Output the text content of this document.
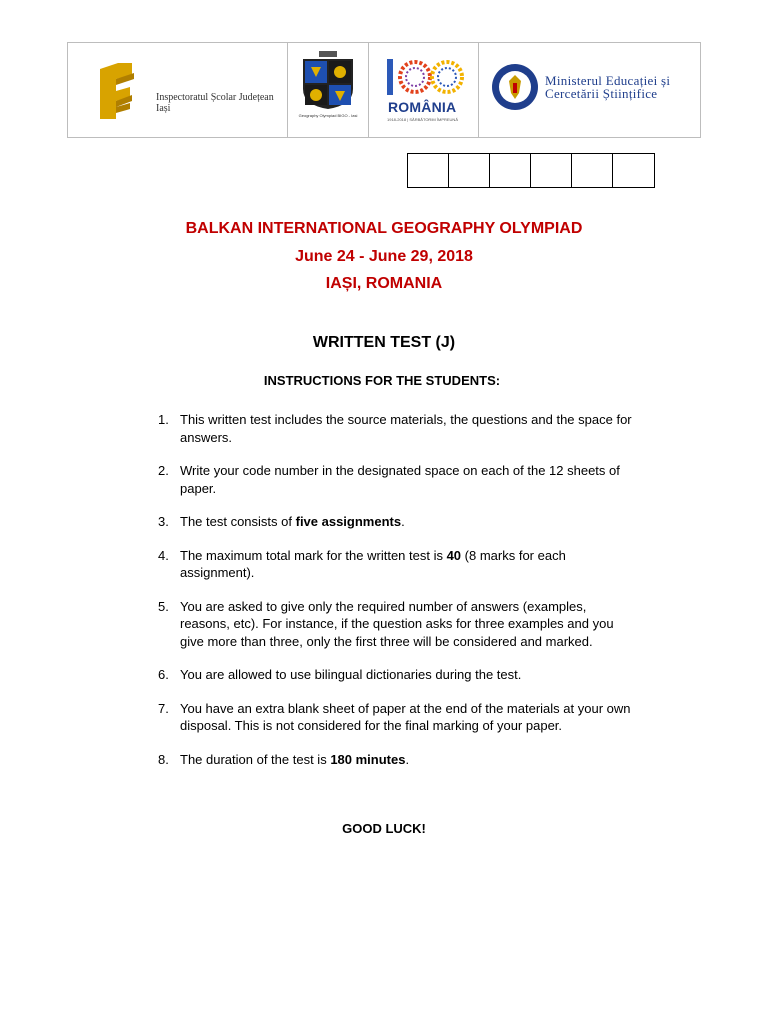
Inspectoratul Școlar Județean
Iași
Geography Olympiad BIGO - Iasi
ROMÂNIA
1918-2018 | SĂRBĂTORIM ÎMPREUNĂ
Ministerul Educației și
Cercetării Științifice
BALKAN INTERNATIONAL GEOGRAPHY OLYMPIAD
June 24 - June 29, 2018
IAȘI, ROMANIA
WRITTEN TEST (J)
INSTRUCTIONS FOR THE STUDENTS:
1. This written test includes the source materials, the questions and the space for answers.
2. Write your code number in the designated space on each of the 12 sheets of paper.
3. The test consists of five assignments.
4. The maximum total mark for the written test is 40 (8 marks for each assignment).
5. You are asked to give only the required number of answers (examples, reasons, etc). For instance, if the question asks for three examples and you give more than three, only the first three will be considered and marked.
6. You are allowed to use bilingual dictionaries during the test.
7. You have an extra blank sheet of paper at the end of the materials at your own disposal. This is not considered for the final marking of your paper.
8. The duration of the test is 180 minutes.
GOOD LUCK!
